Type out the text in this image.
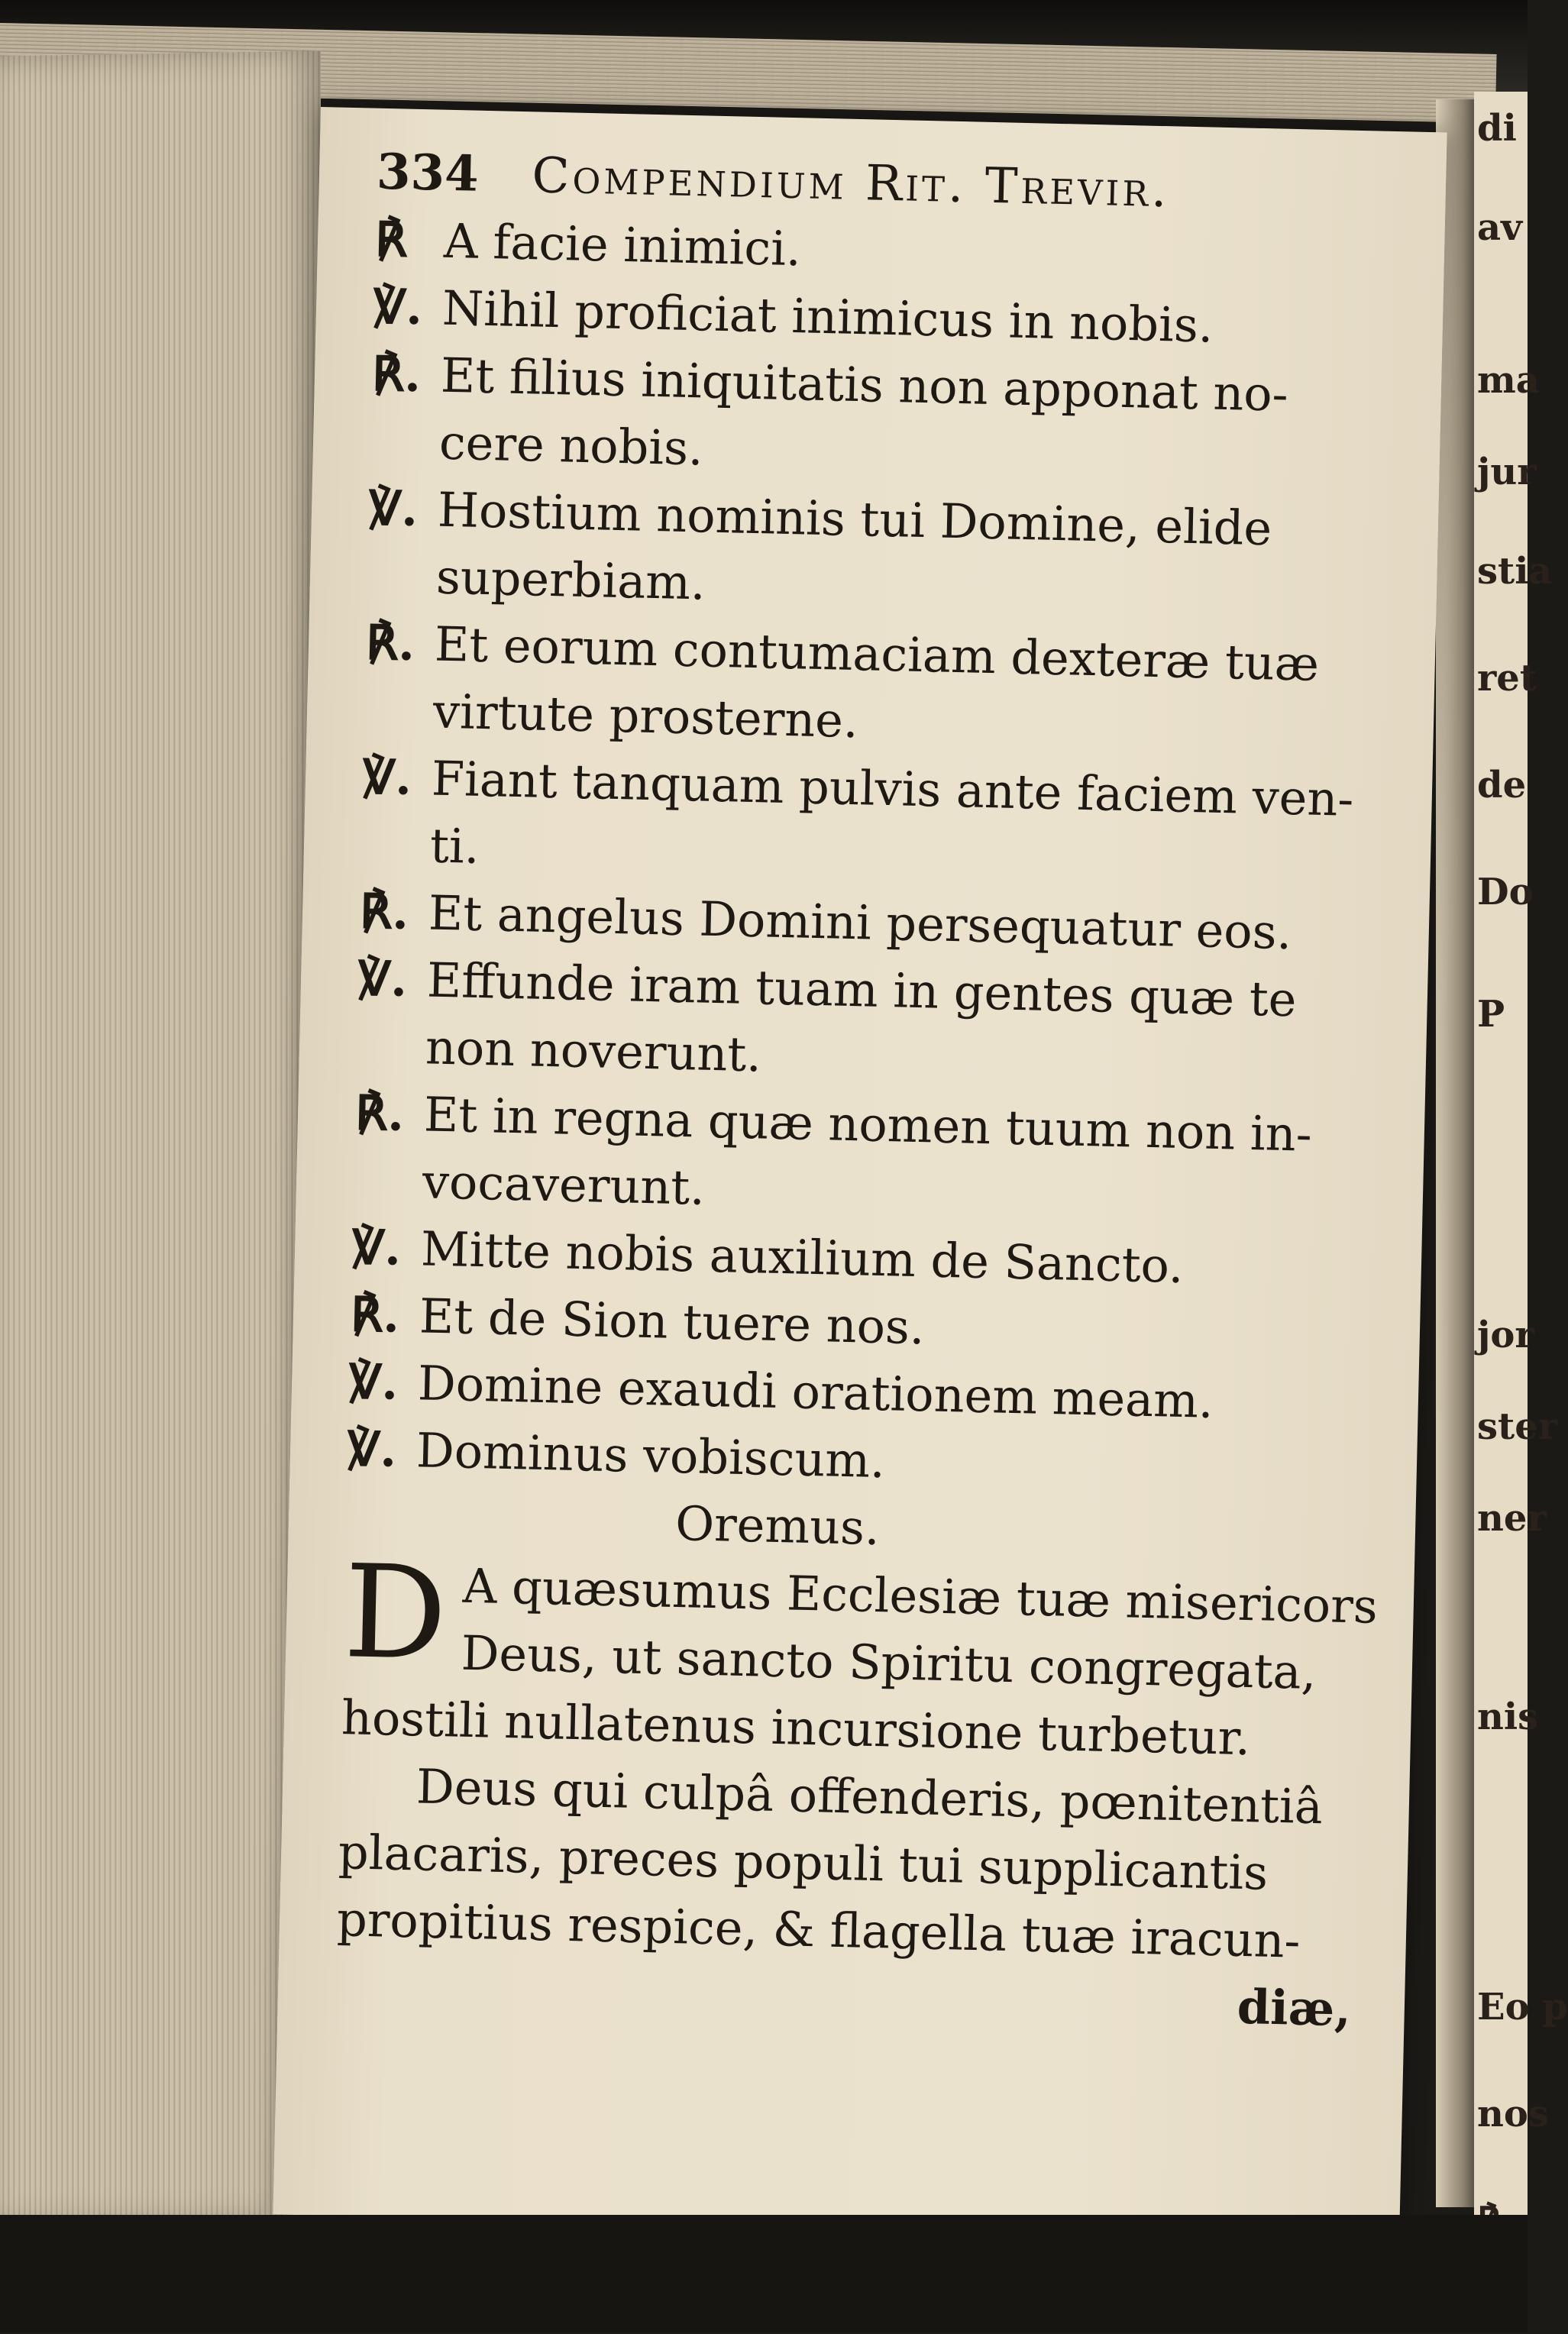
di
av
ma
jur
stia
ret
de
Do
P
jor
ster
ner
nis
Eo p
nos
334 Compendium Rit. Trevir.
℟ A facie inimici.
℣. Nihil proficiat inimicus in nobis.
℟. Et filius iniquitatis non apponat no-
cere nobis.
℣. Hostium nominis tui Domine, elide
superbiam.
℟. Et eorum contumaciam dexteræ tuæ
virtute prosterne.
℣. Fiant tanquam pulvis ante faciem ven-
ti.
℟. Et angelus Domini persequatur eos.
℣. Effunde iram tuam in gentes quæ te
non noverunt.
℟. Et in regna quæ nomen tuum non in-
vocaverunt.
℣. Mitte nobis auxilium de Sancto.
℟. Et de Sion tuere nos.
℣. Domine exaudi orationem meam.
℣. Dominus vobiscum.
Oremus.
D A quæsumus Ecclesiæ tuæ misericors
Deus, ut sancto Spiritu congregata,
hostili nullatenus incursione turbetur.
Deus qui culpâ offenderis, pœnitentiâ
placaris, preces populi tui supplicantis
propitius respice, & flagella tuæ iracun-
diæ,
